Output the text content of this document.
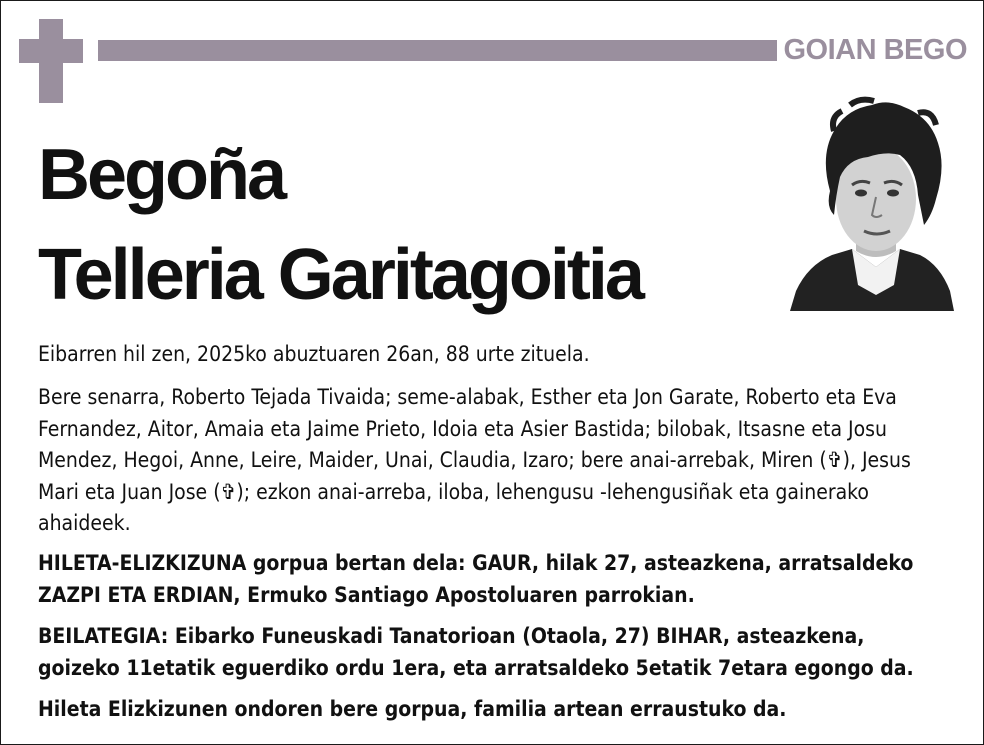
GOIAN BEGO
Begoña
Telleria Garitagoitia

Eibarren hil zen, 2025ko abuztuaren 26an, 88 urte zituela.

Bere senarra, Roberto Tejada Tivaida; seme-alabak, Esther eta Jon Garate, Roberto eta Eva Fernandez, Aitor, Amaia eta Jaime Prieto, Idoia eta Asier Bastida; bilobak, Itsasne eta Josu Mendez, Hegoi, Anne, Leire, Maider, Unai, Claudia, Izaro; bere anai-arrebak, Miren (✞), Jesus Mari eta Juan Jose (✞); ezkon anai-arreba, iloba, lehengusu -lehengusiñak eta gainerako ahaideek.

HILETA-ELIZKIZUNA gorpua bertan dela: GAUR, hilak 27, asteazkena, arratsaldeko ZAZPI ETA ERDIAN, Ermuko Santiago Apostoluaren parrokian.

BEILATEGIA: Eibarko Funeuskadi Tanatorioan (Otaola, 27) BIHAR, asteazkena, goizeko 11etatik eguerdiko ordu 1era, eta arratsaldeko 5etatik 7etara egongo da.

Hileta Elizkizunen ondoren bere gorpua, familia artean erraustuko da.
